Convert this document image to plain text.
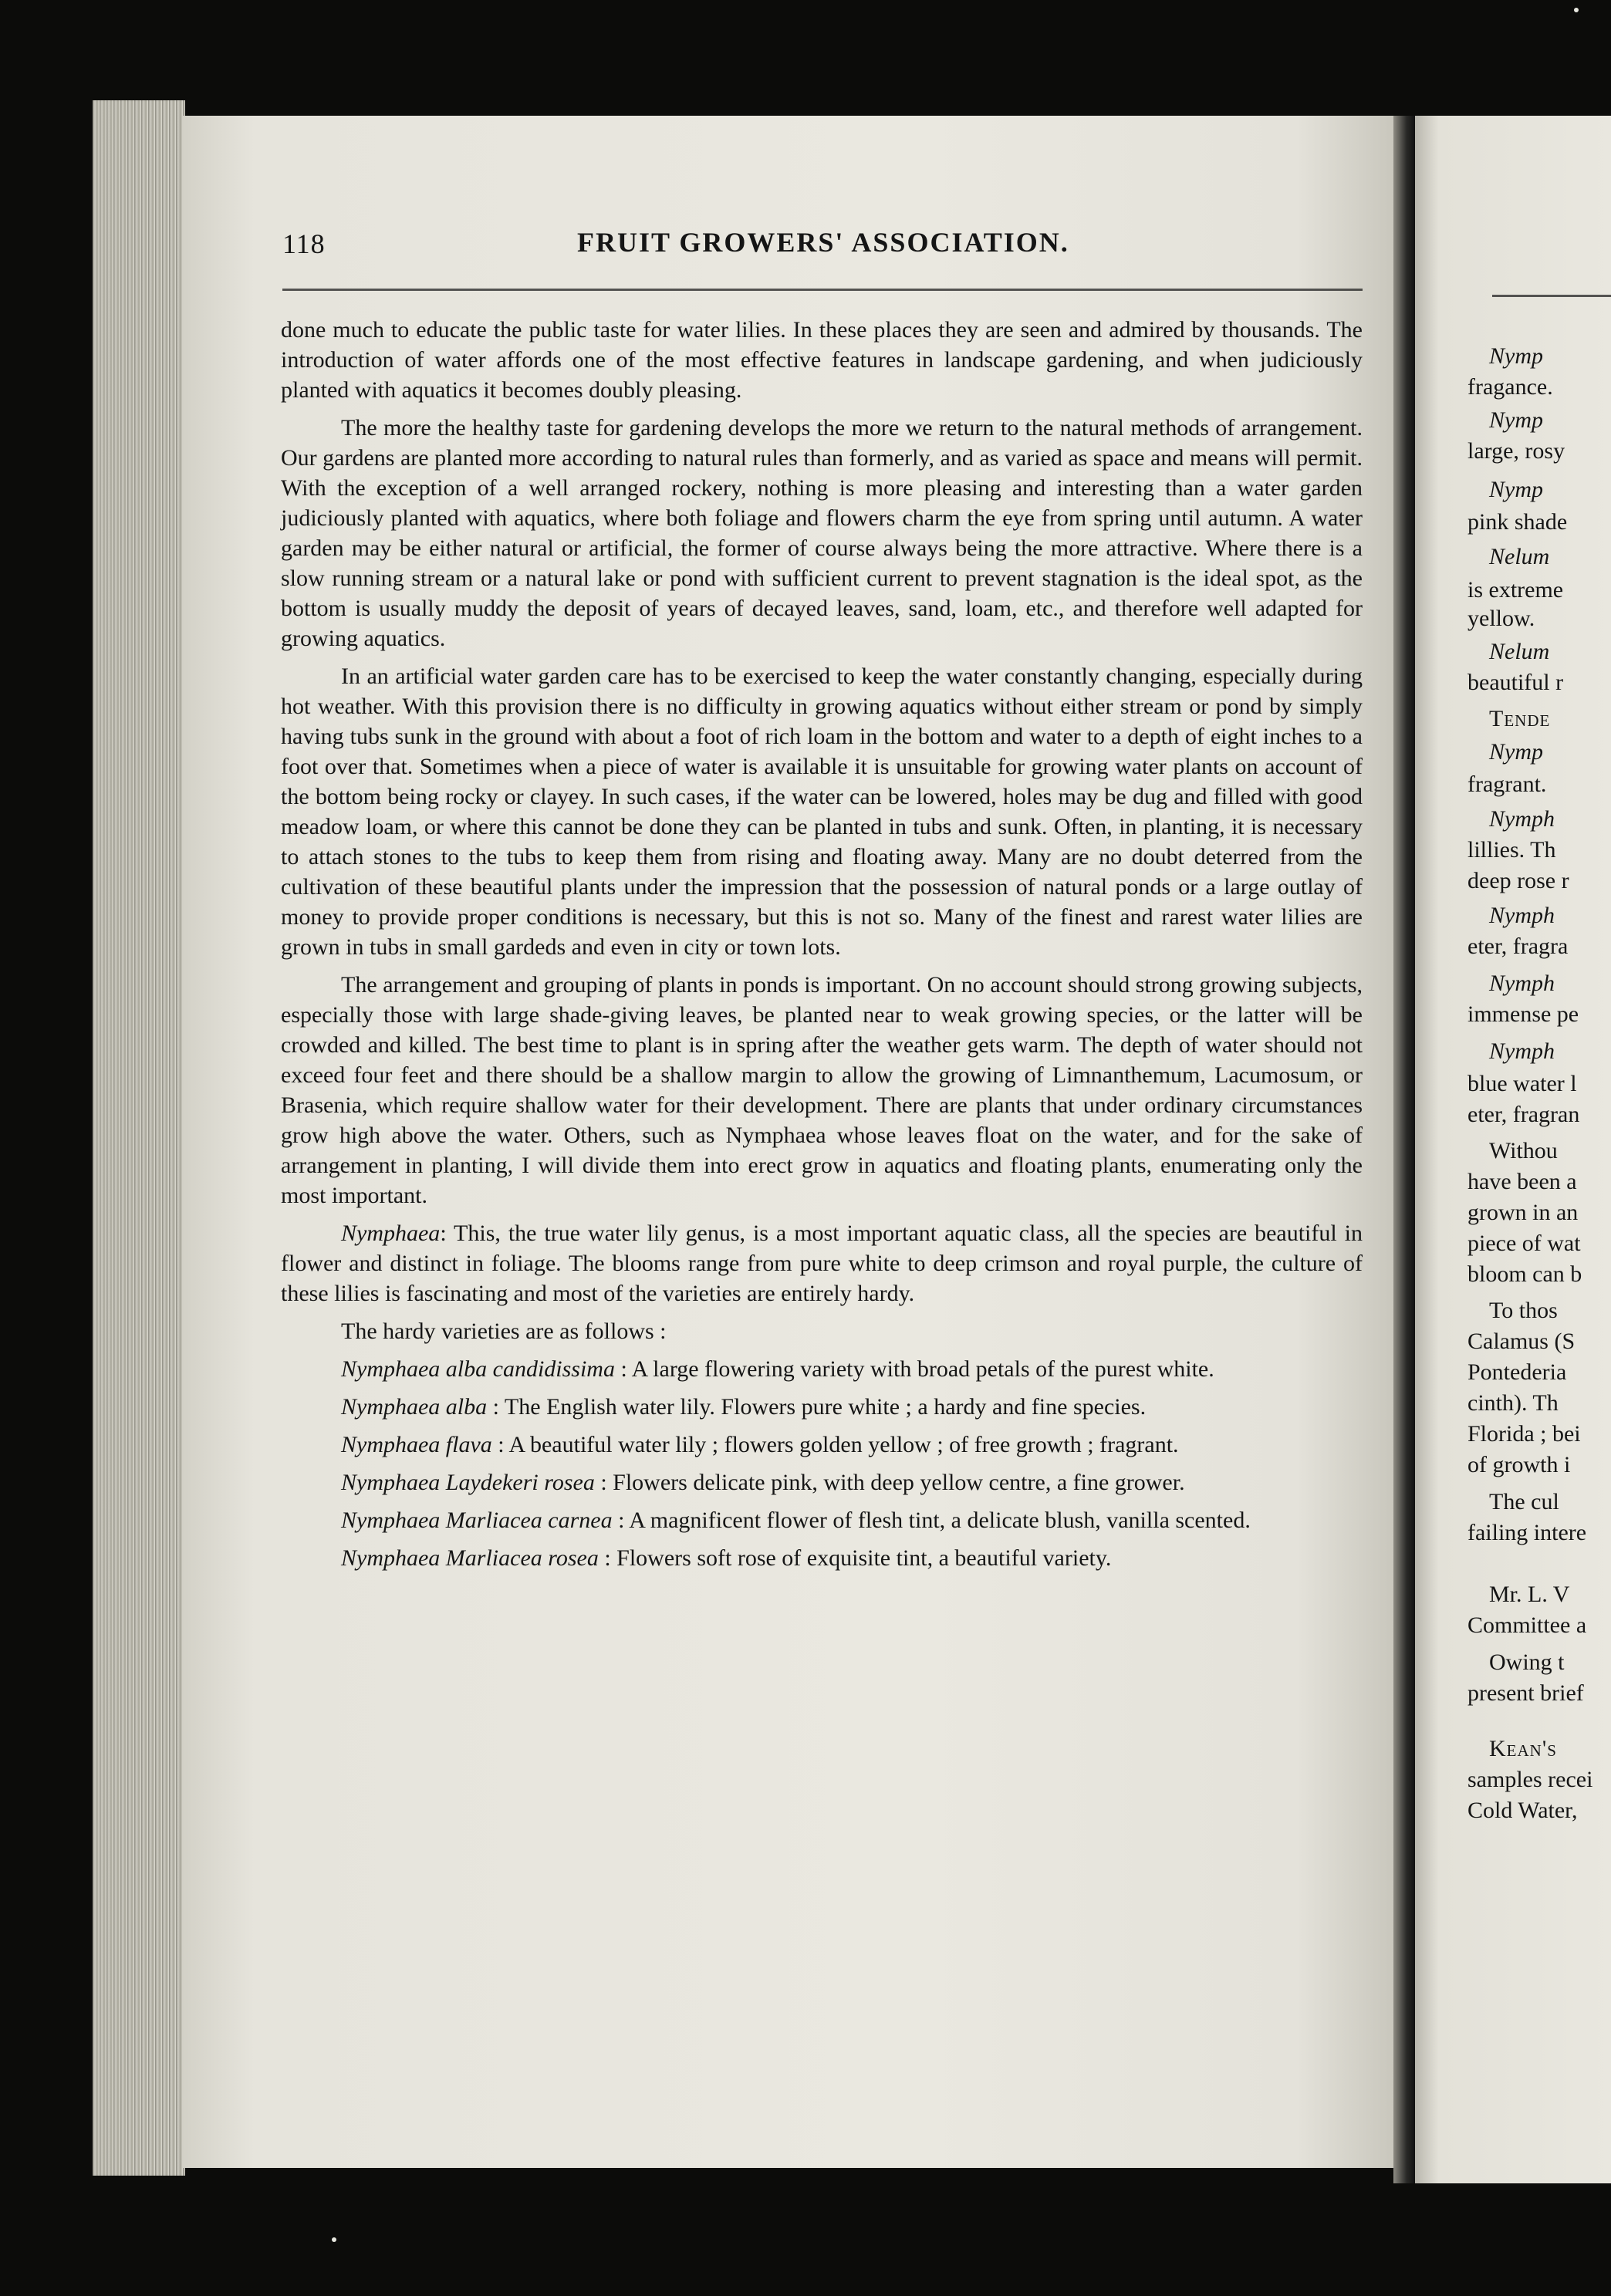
118	FRUIT GROWERS' ASSOCIATION.

done much to educate the public taste for water lilies. In these places they are seen and admired by thousands. The introduction of water affords one of the most effective features in landscape gardening, and when judiciously planted with aquatics it becomes doubly pleasing.

The more the healthy taste for gardening develops the more we return to the natural methods of arrangement. Our gardens are planted more according to natural rules than formerly, and as varied as space and means will permit. With the exception of a well arranged rockery, nothing is more pleasing and interesting than a water garden judiciously planted with aquatics, where both foliage and flowers charm the eye from spring until autumn. A water garden may be either natural or artificial, the former of course always being the more attractive. Where there is a slow running stream or a natural lake or pond with sufficient current to prevent stagnation is the ideal spot, as the bottom is usually muddy the deposit of years of decayed leaves, sand, loam, etc., and therefore well adapted for growing aquatics.

In an artificial water garden care has to be exercised to keep the water constantly changing, especially during hot weather. With this provision there is no difficulty in growing aquatics without either stream or pond by simply having tubs sunk in the ground with about a foot of rich loam in the bottom and water to a depth of eight inches to a foot over that. Sometimes when a piece of water is available it is unsuitable for growing water plants on account of the bottom being rocky or clayey. In such cases, if the water can be lowered, holes may be dug and filled with good meadow loam, or where this cannot be done they can be planted in tubs and sunk. Often, in planting, it is necessary to attach stones to the tubs to keep them from rising and floating away. Many are no doubt deterred from the cultivation of these beautiful plants under the impression that the possession of natural ponds or a large outlay of money to provide proper conditions is necessary, but this is not so. Many of the finest and rarest water lilies are grown in tubs in small gardeds and even in city or town lots.

The arrangement and grouping of plants in ponds is important. On no account should strong growing subjects, especially those with large shade-giving leaves, be planted near to weak growing species, or the latter will be crowded and killed. The best time to plant is in spring after the weather gets warm. The depth of water should not exceed four feet and there should be a shallow margin to allow the growing of Limnanthemum, Lacumosum, or Brasenia, which require shallow water for their development. There are plants that under ordinary circumstances grow high above the water. Others, such as Nymphaea whose leaves float on the water, and for the sake of arrangement in planting, I will divide them into erect grow in aquatics and floating plants, enumerating only the most important.

Nymphaea: This, the true water lily genus, is a most important aquatic class, all the species are beautiful in flower and distinct in foliage. The blooms range from pure white to deep crimson and royal purple, the culture of these lilies is fascinating and most of the varieties are entirely hardy.

The hardy varieties are as follows :

Nymphaea alba candidissima : A large flowering variety with broad petals of the purest white.

Nymphaea alba : The English water lily. Flowers pure white ; a hardy and fine species.

Nymphaea flava : A beautiful water lily ; flowers golden yellow ; of free growth ; fragrant.

Nymphaea Laydekeri rosea : Flowers delicate pink, with deep yellow centre, a fine grower.

Nymphaea Marliacea carnea : A magnificent flower of flesh tint, a delicate blush, vanilla scented.

Nymphaea Marliacea rosea : Flowers soft rose of exquisite tint, a beautiful variety.

Nymp
fragance.
Nymp
large, rosy
Nymp
pink shade
Nelum
is extreme
yellow.
Nelum
beautiful r
Tende
Nymp
fragrant.
Nymph
lillies. Th
deep rose r
Nymph
eter, fragra
Nymph
immense pe
Nymph
blue water l
eter, fragran
Withou
have been a
grown in an
piece of wat
bloom can b
To thos
Calamus (S
Pontederia
cinth). Th
Florida ; bei
of growth i
The cul
failing intere
Mr. L. V
Committee a
Owing t
present brief
Kean's
samples recei
Cold Water,
